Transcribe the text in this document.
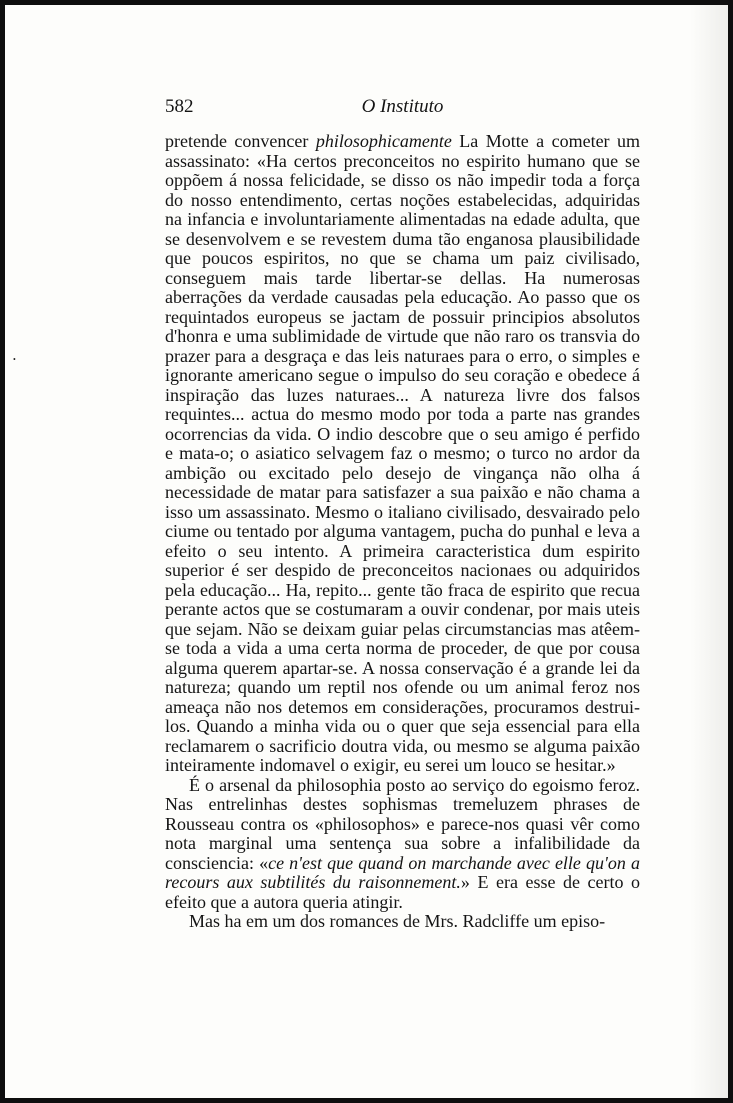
582	O Instituto
•

pretende convencer philosophicamente La Motte a cometer um assassinato: «Ha certos preconceitos no espirito humano que se oppõem á nossa felicidade, se disso os não impedir toda a força do nosso entendimento, certas noções estabelecidas, adquiridas na infancia e involuntariamente alimentadas na edade adulta, que se desenvolvem e se revestem duma tão enganosa plausibilidade que poucos espiritos, no que se chama um paiz civilisado, conseguem mais tarde libertar-se dellas. Ha numerosas aberrações da verdade causadas pela educação. Ao passo que os requintados europeus se jactam de possuir principios absolutos d'honra e uma sublimidade de virtude que não raro os transvia do prazer para a desgraça e das leis naturaes para o erro, o simples e ignorante americano segue o impulso do seu coração e obedece á inspiração das luzes naturaes... A natureza livre dos falsos requintes... actua do mesmo modo por toda a parte nas grandes ocorrencias da vida. O indio descobre que o seu amigo é perfido e mata-o; o asiatico selvagem faz o mesmo; o turco no ardor da ambição ou excitado pelo desejo de vingança não olha á necessidade de matar para satisfazer a sua paixão e não chama a isso um assassinato. Mesmo o italiano civilisado, desvairado pelo ciume ou tentado por alguma vantagem, pucha do punhal e leva a efeito o seu intento. A primeira caracteristica dum espirito superior é ser despido de preconceitos nacionaes ou adquiridos pela educação... Ha, repito... gente tão fraca de espirito que recua perante actos que se costumaram a ouvir condenar, por mais uteis que sejam. Não se deixam guiar pelas circumstancias mas atêem-se toda a vida a uma certa norma de proceder, de que por cousa alguma querem apartar-se. A nossa conservação é a grande lei da natureza; quando um reptil nos ofende ou um animal feroz nos ameaça não nos detemos em considerações, procuramos destrui-los. Quando a minha vida ou o quer que seja essencial para ella reclamarem o sacrificio doutra vida, ou mesmo se alguma paixão inteiramente indomavel o exigir, eu serei um louco se hesitar.»

É o arsenal da philosophia posto ao serviço do egoismo feroz. Nas entrelinhas destes sophismas tremeluzem phrases de Rousseau contra os «philosophos» e parece-nos quasi vêr como nota marginal uma sentença sua sobre a infalibilidade da consciencia: «ce n'est que quand on marchande avec elle qu'on a recours aux subtilités du raisonnement.» E era esse de certo o efeito que a autora queria atingir.

Mas ha em um dos romances de Mrs. Radcliffe um episo-
